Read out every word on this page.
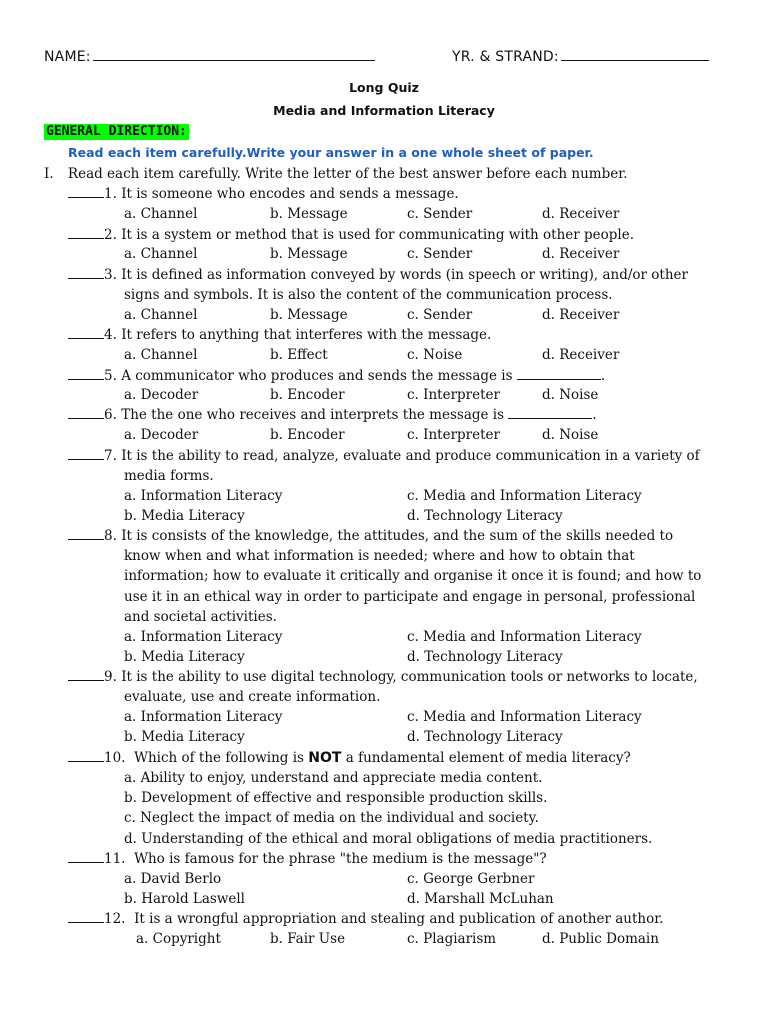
NAME:	YR. & STRAND:
Long Quiz
Media and Information Literacy
GENERAL DIRECTION:
Read each item carefully.Write your answer in a one whole sheet of paper.
I. Read each item carefully. Write the letter of the best answer before each number.
1. It is someone who encodes and sends a message.
a. Channel	b. Message	c. Sender	d. Receiver
2. It is a system or method that is used for communicating with other people.
a. Channel	b. Message	c. Sender	d. Receiver
3. It is defined as information conveyed by words (in speech or writing), and/or other
signs and symbols. It is also the content of the communication process.
a. Channel	b. Message	c. Sender	d. Receiver
4. It refers to anything that interferes with the message.
a. Channel	b. Effect	c. Noise	d. Receiver
5. A communicator who produces and sends the message is	.
a. Decoder	b. Encoder	c. Interpreter	d. Noise
6. The the one who receives and interprets the message is	.
a. Decoder	b. Encoder	c. Interpreter	d. Noise
7. It is the ability to read, analyze, evaluate and produce communication in a variety of
media forms.
a. Information Literacy	c. Media and Information Literacy
b. Media Literacy	d. Technology Literacy
8. It is consists of the knowledge, the attitudes, and the sum of the skills needed to
know when and what information is needed; where and how to obtain that
information; how to evaluate it critically and organise it once it is found; and how to
use it in an ethical way in order to participate and engage in personal, professional
and societal activities.
a. Information Literacy	c. Media and Information Literacy
b. Media Literacy	d. Technology Literacy
9. It is the ability to use digital technology, communication tools or networks to locate,
evaluate, use and create information.
a. Information Literacy	c. Media and Information Literacy
b. Media Literacy	d. Technology Literacy
10. Which of the following is NOT a fundamental element of media literacy?
a. Ability to enjoy, understand and appreciate media content.
b. Development of effective and responsible production skills.
c. Neglect the impact of media on the individual and society.
d. Understanding of the ethical and moral obligations of media practitioners.
11. Who is famous for the phrase "the medium is the message"?
a. David Berlo	c. George Gerbner
b. Harold Laswell	d. Marshall McLuhan
12. It is a wrongful appropriation and stealing and publication of another author.
a. Copyright	b. Fair Use	c. Plagiarism	d. Public Domain
